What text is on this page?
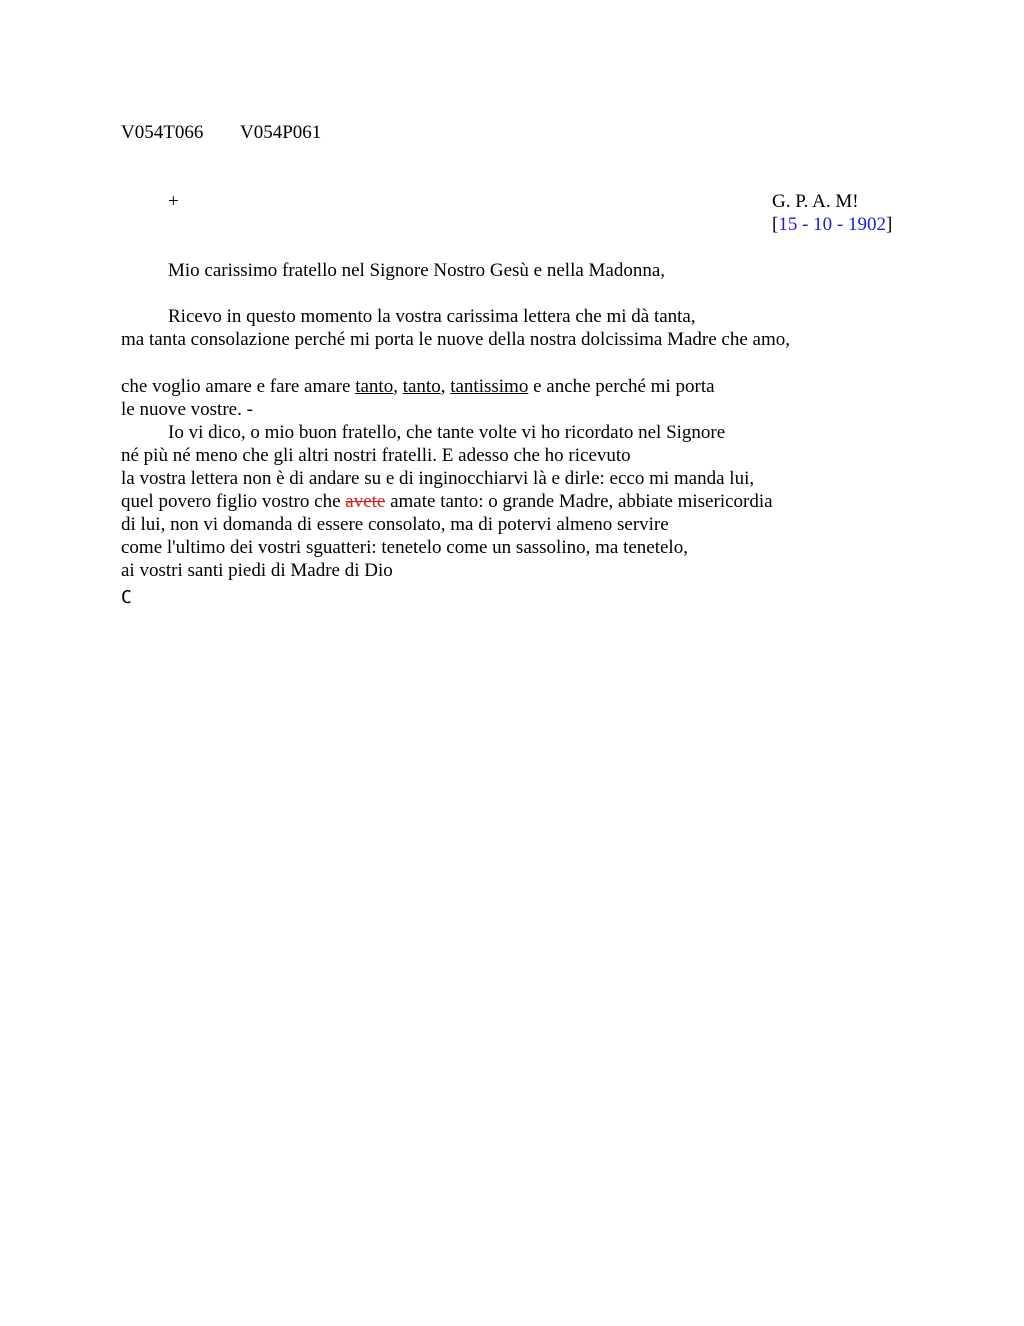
V054T066 V054P061
+	G. P. A. M!
[15 - 10 - 1902]
Mio carissimo fratello nel Signore Nostro Gesù e nella Madonna,
Ricevo in questo momento la vostra carissima lettera che mi dà tanta,
ma tanta consolazione perché mi porta le nuove della nostra dolcissima Madre che amo,
che voglio amare e fare amare tanto, tanto, tantissimo e anche perché mi porta
le nuove vostre. -
Io vi dico, o mio buon fratello, che tante volte vi ho ricordato nel Signore
né più né meno che gli altri nostri fratelli. E adesso che ho ricevuto
la vostra lettera non è di andare su e di inginocchiarvi là e dirle: ecco mi manda lui,
quel povero figlio vostro che avete amate tanto: o grande Madre, abbiate misericordia
di lui, non vi domanda di essere consolato, ma di potervi almeno servire
come l'ultimo dei vostri sguatteri: tenetelo come un sassolino, ma tenetelo,
ai vostri santi piedi di Madre di Dio
C
